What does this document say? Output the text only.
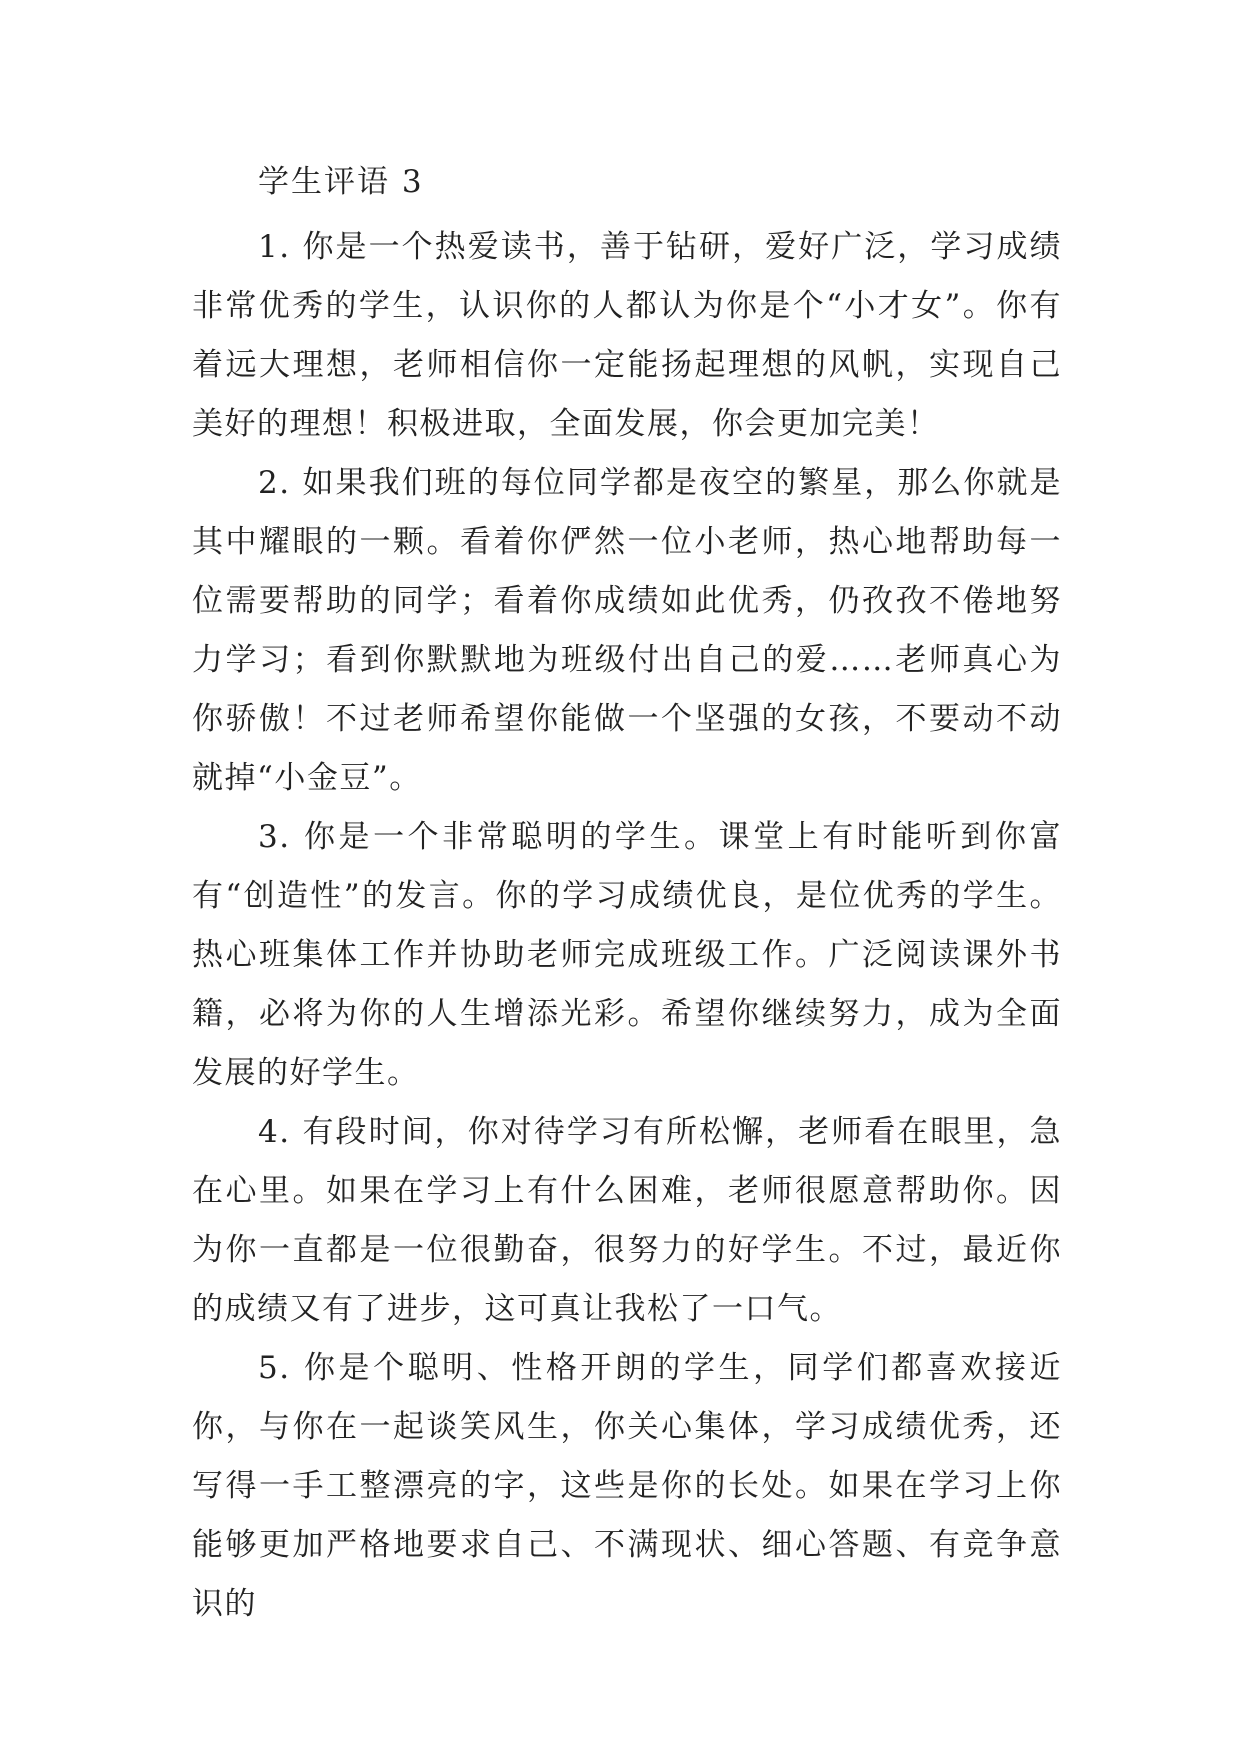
学生评语 3

1. 你是一个热爱读书，善于钻研，爱好广泛，学习成绩非常优秀的学生，认识你的人都认为你是个“小才女”。你有着远大理想，老师相信你一定能扬起理想的风帆，实现自己美好的理想！积极进取，全面发展，你会更加完美！

2. 如果我们班的每位同学都是夜空的繁星，那么你就是其中耀眼的一颗。看着你俨然一位小老师，热心地帮助每一位需要帮助的同学；看着你成绩如此优秀，仍孜孜不倦地努力学习；看到你默默地为班级付出自己的爱……老师真心为你骄傲！不过老师希望你能做一个坚强的女孩，不要动不动就掉“小金豆”。

3. 你是一个非常聪明的学生。课堂上有时能听到你富有“创造性”的发言。你的学习成绩优良，是位优秀的学生。热心班集体工作并协助老师完成班级工作。广泛阅读课外书籍，必将为你的人生增添光彩。希望你继续努力，成为全面发展的好学生。

4. 有段时间，你对待学习有所松懈，老师看在眼里，急在心里。如果在学习上有什么困难，老师很愿意帮助你。因为你一直都是一位很勤奋，很努力的好学生。不过，最近你的成绩又有了进步，这可真让我松了一口气。

5. 你是个聪明、性格开朗的学生，同学们都喜欢接近你，与你在一起谈笑风生，你关心集体，学习成绩优秀，还写得一手工整漂亮的字，这些是你的长处。如果在学习上你能够更加严格地要求自己、不满现状、细心答题、有竞争意识的
